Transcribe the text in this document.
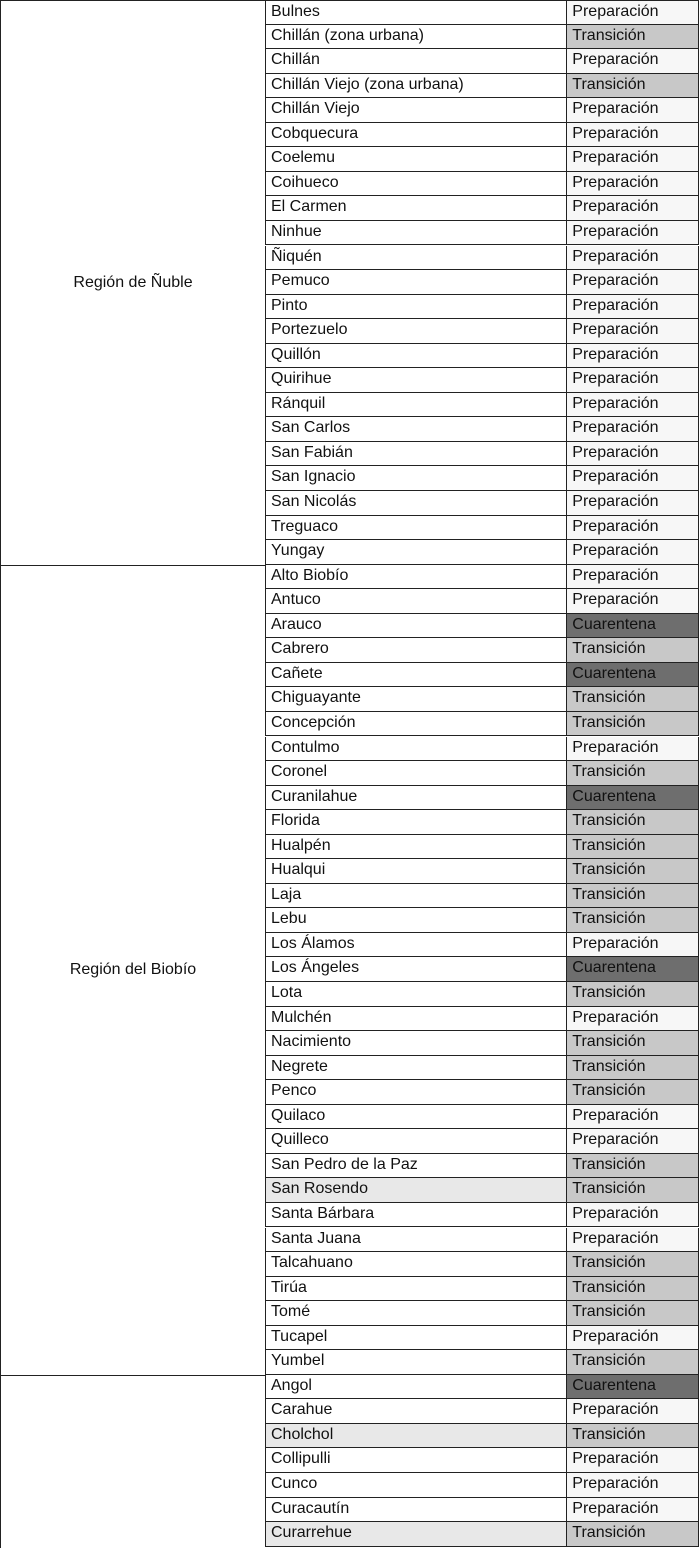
Región de Ñuble
Bulnes	Preparación
Chillán (zona urbana)	Transición
Chillán	Preparación
Chillán Viejo (zona urbana)	Transición
Chillán Viejo	Preparación
Cobquecura	Preparación
Coelemu	Preparación
Coihueco	Preparación
El Carmen	Preparación
Ninhue	Preparación
Ñiquén	Preparación
Pemuco	Preparación
Pinto	Preparación
Portezuelo	Preparación
Quillón	Preparación
Quirihue	Preparación
Ránquil	Preparación
San Carlos	Preparación
San Fabián	Preparación
San Ignacio	Preparación
San Nicolás	Preparación
Treguaco	Preparación
Yungay	Preparación
Región del Biobío
Alto Biobío	Preparación
Antuco	Preparación
Arauco	Cuarentena
Cabrero	Transición
Cañete	Cuarentena
Chiguayante	Transición
Concepción	Transición
Contulmo	Preparación
Coronel	Transición
Curanilahue	Cuarentena
Florida	Transición
Hualpén	Transición
Hualqui	Transición
Laja	Transición
Lebu	Transición
Los Álamos	Preparación
Los Ángeles	Cuarentena
Lota	Transición
Mulchén	Preparación
Nacimiento	Transición
Negrete	Transición
Penco	Transición
Quilaco	Preparación
Quilleco	Preparación
San Pedro de la Paz	Transición
San Rosendo	Transición
Santa Bárbara	Preparación
Santa Juana	Preparación
Talcahuano	Transición
Tirúa	Transición
Tomé	Transición
Tucapel	Preparación
Yumbel	Transición
Angol	Cuarentena
Carahue	Preparación
Cholchol	Transición
Collipulli	Preparación
Cunco	Preparación
Curacautín	Preparación
Curarrehue	Transición
